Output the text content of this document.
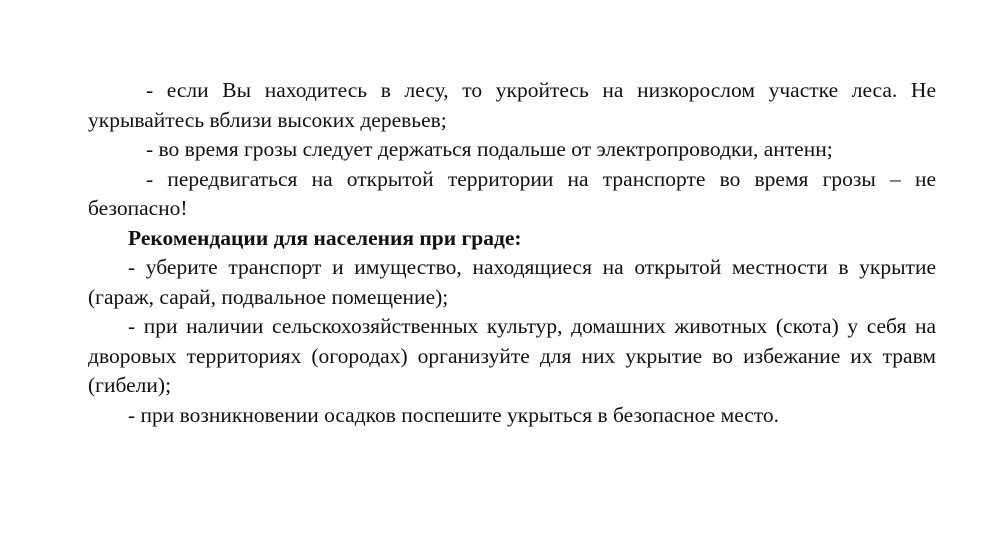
- если Вы находитесь в лесу, то укройтесь на низкорослом участке леса. Не укрывайтесь вблизи высоких деревьев;

- во время грозы следует держаться подальше от электропроводки, антенн;

- передвигаться на открытой территории на транспорте во время грозы – не безопасно!

Рекомендации для населения при граде:

- уберите транспорт и имущество, находящиеся на открытой местности в укрытие (гараж, сарай, подвальное помещение);

- при наличии сельскохозяйственных культур, домашних животных (скота) у себя на дворовых территориях (огородах) организуйте для них укрытие во избежание их травм (гибели);

- при возникновении осадков поспешите укрыться в безопасное место.
